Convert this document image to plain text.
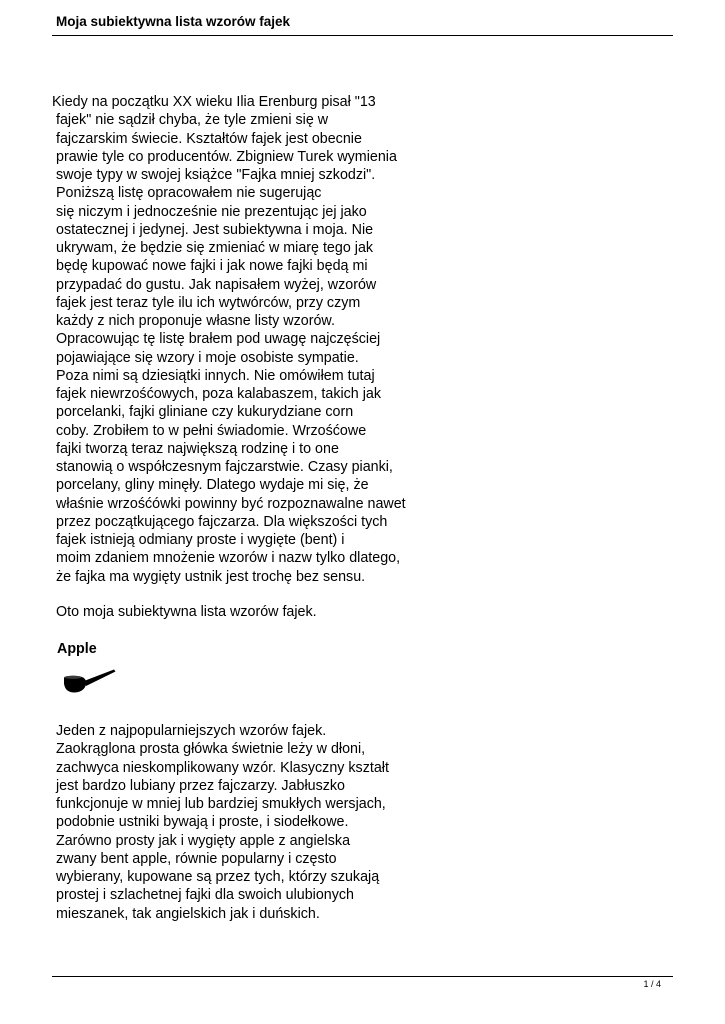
Moja subiektywna lista wzorów fajek
Kiedy na początku XX wieku Ilia Erenburg pisał "13
fajek" nie sądził chyba, że tyle zmieni się w
fajczarskim świecie. Kształtów fajek jest obecnie
prawie tyle co producentów. Zbigniew Turek wymienia
swoje typy w swojej książce "Fajka mniej szkodzi".
Poniższą listę opracowałem nie sugerując
się niczym i jednocześnie nie prezentując jej jako
ostatecznej i jedynej. Jest subiektywna i moja. Nie
ukrywam, że będzie się zmieniać w miarę tego jak
będę kupować nowe fajki i jak nowe fajki będą mi
przypadać do gustu. Jak napisałem wyżej, wzorów
fajek jest teraz tyle ilu ich wytwórców, przy czym
każdy z nich proponuje własne listy wzorów.
Opracowując tę listę brałem pod uwagę najczęściej
pojawiające się wzory i moje osobiste sympatie.
Poza nimi są dziesiątki innych. Nie omówiłem tutaj
fajek niewrzośćowych, poza kalabaszem, takich jak
porcelanki, fajki gliniane czy kukurydziane corn
coby. Zrobiłem to w pełni świadomie. Wrzośćowe
fajki tworzą teraz największą rodzinę i to one
stanowią o współczesnym fajczarstwie. Czasy pianki,
porcelany, gliny minęły. Dlatego wydaje mi się, że
właśnie wrzośćówki powinny być rozpoznawalne nawet
przez początkującego fajczarza. Dla większości tych
fajek istnieją odmiany proste i wygięte (bent) i
moim zdaniem mnożenie wzorów i nazw tylko dlatego,
że fajka ma wygięty ustnik jest trochę bez sensu.
Oto moja subiektywna lista wzorów fajek.
Apple
Jeden z najpopularniejszych wzorów fajek.
Zaokrąglona prosta główka świetnie leży w dłoni,
zachwyca nieskomplikowany wzór. Klasyczny kształt
jest bardzo lubiany przez fajczarzy. Jabłuszko
funkcjonuje w mniej lub bardziej smukłych wersjach,
podobnie ustniki bywają i proste, i siodełkowe.
Zarówno prosty jak i wygięty apple z angielska
zwany bent apple, równie popularny i często
wybierany, kupowane są przez tych, którzy szukają
prostej i szlachetnej fajki dla swoich ulubionych
mieszanek, tak angielskich jak i duńskich.
1 / 4
